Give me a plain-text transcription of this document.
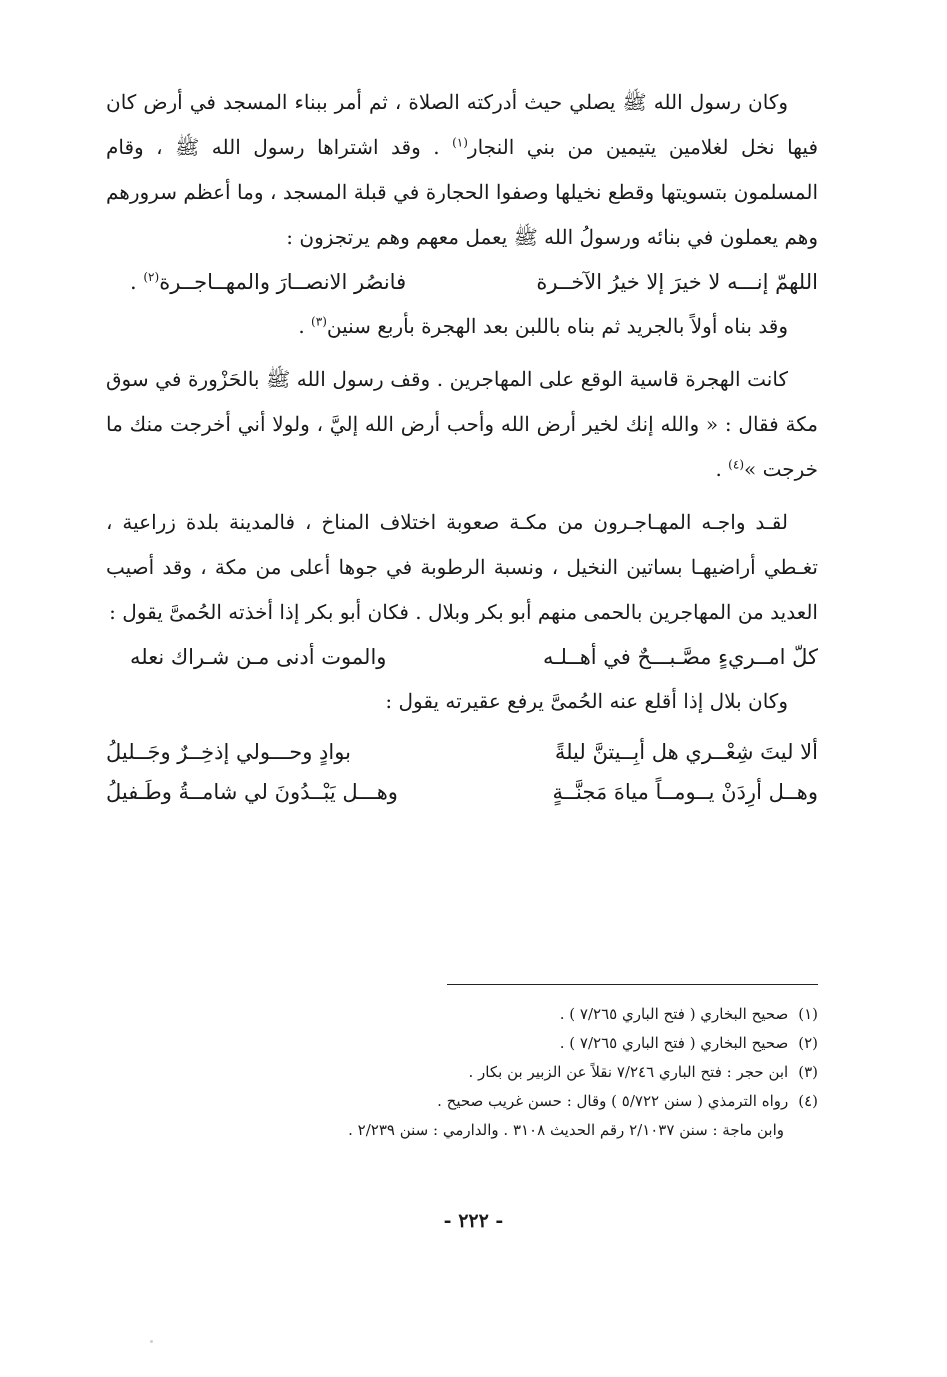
وكان رسول الله ﷺ يصلي حيث أدركته الصلاة ، ثم أمر ببناء المسجد في أرض كان فيها نخل لغلامين يتيمين من بني النجار$^{(١)}$ . وقد اشتراها رسول الله ﷺ ، وقام المسلمون بتسويتها وقطع نخيلها وصفوا الحجارة في قبلة المسجد ، وما أعظم سرورهم وهم يعملون في بنائه ورسولُ الله ﷺ يعمل معهم وهم يرتجزون :

اللهمّ إنـــه لا خيرَ إلا خيرُ الآخــرة
فانصُر الانصــارَ والمهــاجــرة$^{(٢)}$ .

وقد بناه أولاً بالجريد ثم بناه باللبن بعد الهجرة بأربع سنين$^{(٣)}$ .

كانت الهجرة قاسية الوقع على المهاجرين . وقف رسول الله ﷺ بالحَزْورة في سوق مكة فقال : « والله إنك لخير أرض الله وأحب أرض الله إليَّ ، ولولا أني أخرجت منك ما خرجت »$^{(٤)}$ .

لقـد واجـه المهـاجـرون من مكـة صعوبة اختلاف المناخ ، فالمدينة بلدة زراعية ، تغـطي أراضيهـا بساتين النخيل ، ونسبة الرطوبة في جوها أعلى من مكة ، وقد أصيب العديد من المهاجرين بالحمى منهم أبو بكر وبلال . فكان أبو بكر إذا أخذته الحُمىَّ يقول :

كلّ امــريءٍ مصَّـبـــحٌ في أهــلـه
والموت أدنى مـن شـراك نعله

وكان بلال إذا أقلع عنه الحُمىَّ يرفع عقيرته يقول :

ألا ليتَ شِعْــري هل أبِــيتنَّ ليلةً
بوادٍ وحـــولي إذخِــرٌ وجَــليلُ
وهــل أرِدَنْ يــومــاً مياهَ مَجنَّــةٍ
وهـــل يَبْــدُونَ لي شامــةُ وطَـفيلُ
(١)صحيح البخاري ( فتح الباري ٧/٢٦٥ ) .
(٢)صحيح البخاري ( فتح الباري ٧/٢٦٥ ) .
(٣)ابن حجر : فتح الباري ٧/٢٤٦ نقلاً عن الزبير بن بكار .
(٤)رواه الترمذي ( سنن ٥/٧٢٢ ) وقال : حسن غريب صحيح .
وابن ماجة : سنن ٢/١٠٣٧ رقم الحديث ٣١٠٨ . والدارمي : سنن ٢/٢٣٩ .
- ٢٢٢ -
